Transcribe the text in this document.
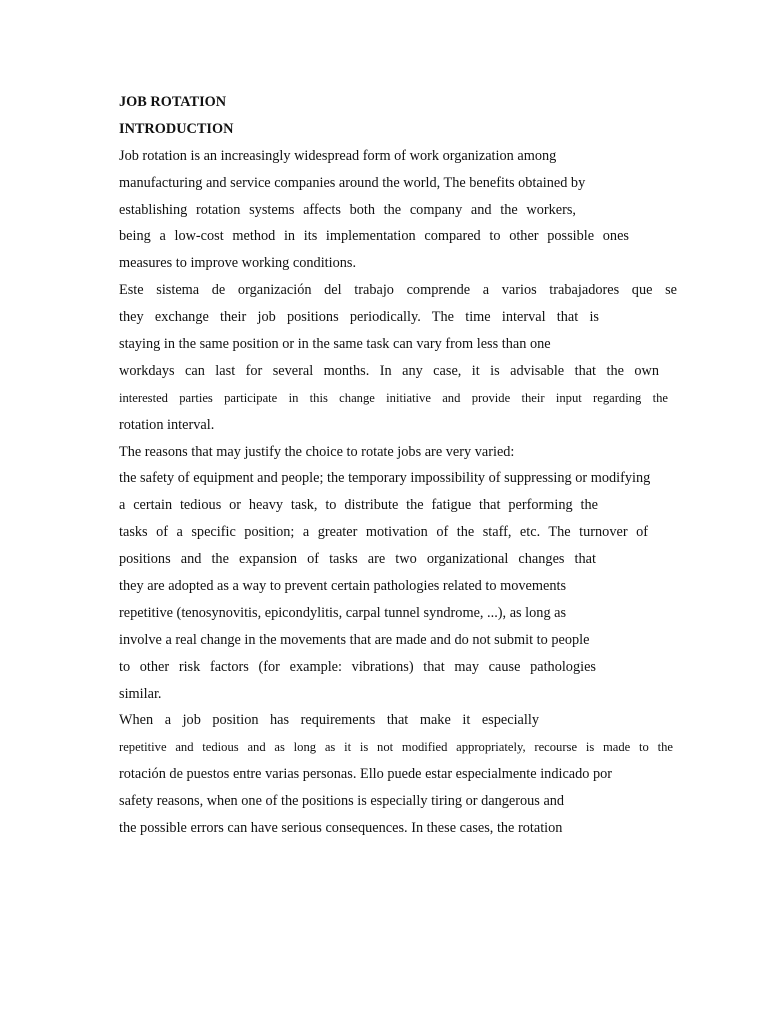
JOB ROTATION
INTRODUCTION
Job rotation is an increasingly widespread form of work organization among
manufacturing and service companies around the world, The benefits obtained by
establishing rotation systems affects both the company and the workers,
being a low-cost method in its implementation compared to other possible ones
measures to improve working conditions.
Este sistema de organización del trabajo comprende a varios trabajadores que se
they exchange their job positions periodically. The time interval that is
staying in the same position or in the same task can vary from less than one
workdays can last for several months. In any case, it is advisable that the own
interested parties participate in this change initiative and provide their input regarding the
rotation interval.
The reasons that may justify the choice to rotate jobs are very varied:
the safety of equipment and people; the temporary impossibility of suppressing or modifying
a certain tedious or heavy task, to distribute the fatigue that performing the
tasks of a specific position; a greater motivation of the staff, etc. The turnover of
positions and the expansion of tasks are two organizational changes that
they are adopted as a way to prevent certain pathologies related to movements
repetitive (tenosynovitis, epicondylitis, carpal tunnel syndrome, ...), as long as
involve a real change in the movements that are made and do not submit to people
to other risk factors (for example: vibrations) that may cause pathologies
similar.
When a job position has requirements that make it especially
repetitive and tedious and as long as it is not modified appropriately, recourse is made to the
rotación de puestos entre varias personas. Ello puede estar especialmente indicado por
safety reasons, when one of the positions is especially tiring or dangerous and
the possible errors can have serious consequences. In these cases, the rotation
